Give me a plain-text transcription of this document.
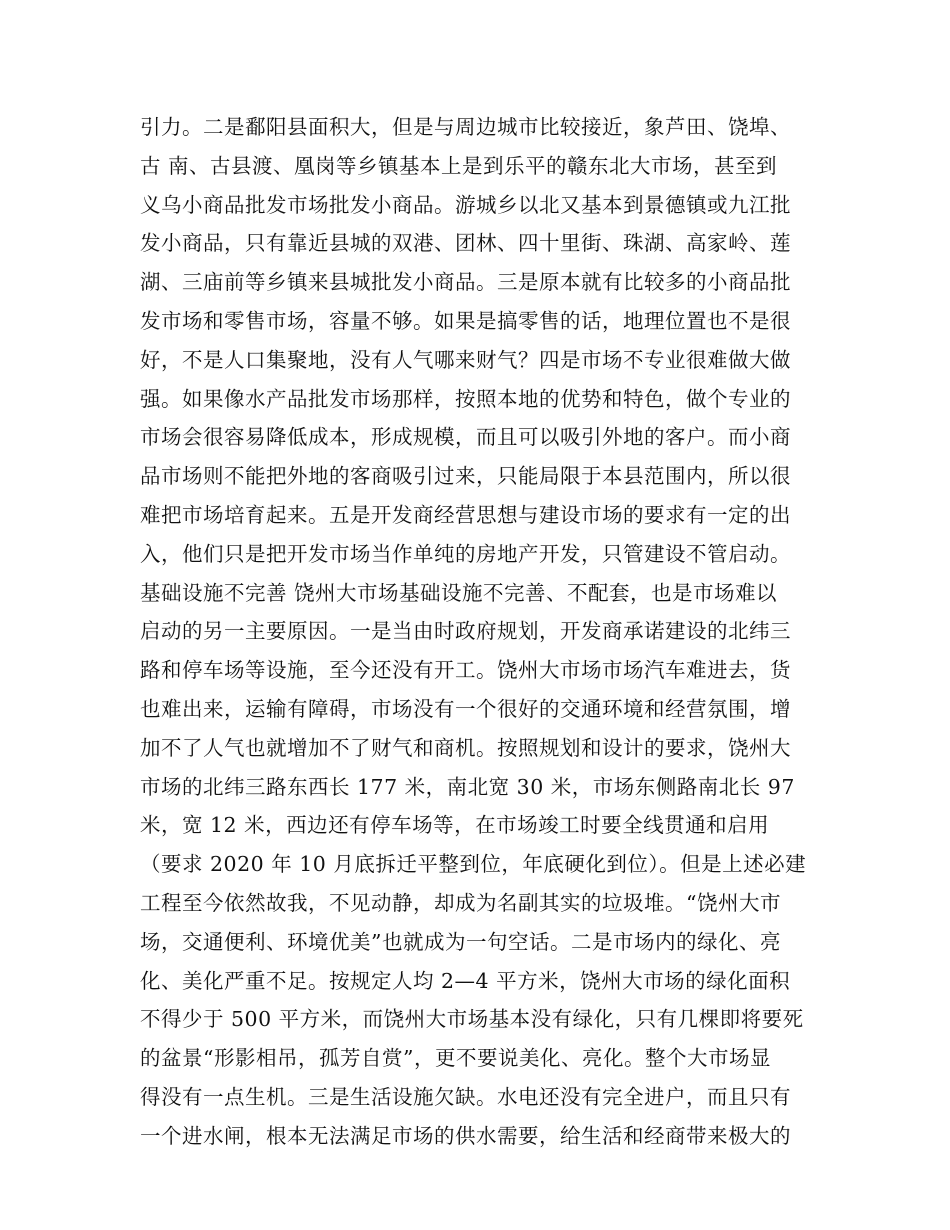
引力。二是鄱阳县面积大，但是与周边城市比较接近，象芦田、饶埠、
古 南、古县渡、凰岗等乡镇基本上是到乐平的赣东北大市场，甚至到
义乌小商品批发市场批发小商品。游城乡以北又基本到景德镇或九江批
发小商品，只有靠近县城的双港、团林、四十里街、珠湖、高家岭、莲
湖、三庙前等乡镇来县城批发小商品。三是原本就有比较多的小商品批
发市场和零售市场，容量不够。如果是搞零售的话，地理位置也不是很
好，不是人口集聚地，没有人气哪来财气？四是市场不专业很难做大做
强。如果像水产品批发市场那样，按照本地的优势和特色，做个专业的
市场会很容易降低成本，形成规模，而且可以吸引外地的客户。而小商
品市场则不能把外地的客商吸引过来，只能局限于本县范围内，所以很
难把市场培育起来。五是开发商经营思想与建设市场的要求有一定的出
入，他们只是把开发市场当作单纯的房地产开发，只管建设不管启动。
基础设施不完善 饶州大市场基础设施不完善、不配套，也是市场难以
启动的另一主要原因。一是当由时政府规划，开发商承诺建设的北纬三
路和停车场等设施，至今还没有开工。饶州大市场市场汽车难进去，货
也难出来，运输有障碍，市场没有一个很好的交通环境和经营氛围，增
加不了人气也就增加不了财气和商机。按照规划和设计的要求，饶州大
市场的北纬三路东西长 177 米，南北宽 30 米，市场东侧路南北长 97
米，宽 12 米，西边还有停车场等，在市场竣工时要全线贯通和启用
（要求 2020 年 10 月底拆迁平整到位，年底硬化到位）。但是上述必建
工程至今依然故我，不见动静，却成为名副其实的垃圾堆。“饶州大市
场，交通便利、环境优美”也就成为一句空话。二是市场内的绿化、亮
化、美化严重不足。按规定人均 2—4 平方米，饶州大市场的绿化面积
不得少于 500 平方米，而饶州大市场基本没有绿化，只有几棵即将要死
的盆景“形影相吊，孤芳自赏”，更不要说美化、亮化。整个大市场显
得没有一点生机。三是生活设施欠缺。水电还没有完全进户，而且只有
一个进水闸，根本无法满足市场的供水需要，给生活和经商带来极大的
